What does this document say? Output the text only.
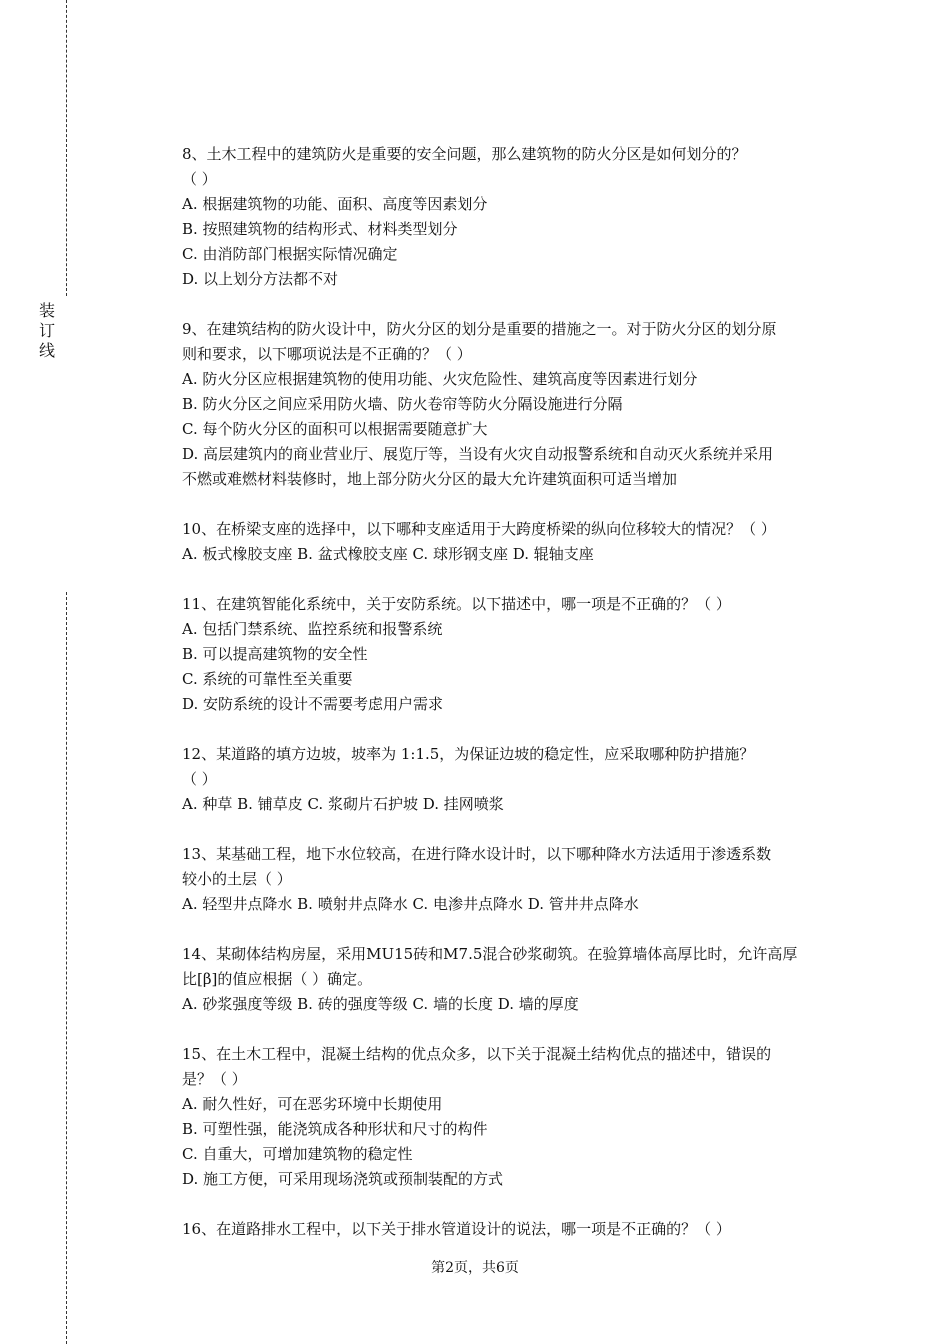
装
订
线
8、土木工程中的建筑防火是重要的安全问题，那么建筑物的防火分区是如何划分的？
（ ）
A. 根据建筑物的功能、面积、高度等因素划分
B. 按照建筑物的结构形式、材料类型划分
C. 由消防部门根据实际情况确定
D. 以上划分方法都不对
9、在建筑结构的防火设计中，防火分区的划分是重要的措施之一。对于防火分区的划分原
则和要求，以下哪项说法是不正确的？（ ）
A. 防火分区应根据建筑物的使用功能、火灾危险性、建筑高度等因素进行划分
B. 防火分区之间应采用防火墙、防火卷帘等防火分隔设施进行分隔
C. 每个防火分区的面积可以根据需要随意扩大
D. 高层建筑内的商业营业厅、展览厅等，当设有火灾自动报警系统和自动灭火系统并采用
不燃或难燃材料装修时，地上部分防火分区的最大允许建筑面积可适当增加
10、在桥梁支座的选择中，以下哪种支座适用于大跨度桥梁的纵向位移较大的情况？（ ）
A. 板式橡胶支座 B. 盆式橡胶支座 C. 球形钢支座 D. 辊轴支座
11、在建筑智能化系统中，关于安防系统。以下描述中，哪一项是不正确的？（ ）
A. 包括门禁系统、监控系统和报警系统
B. 可以提高建筑物的安全性
C. 系统的可靠性至关重要
D. 安防系统的设计不需要考虑用户需求
12、某道路的填方边坡，坡率为 1:1.5，为保证边坡的稳定性，应采取哪种防护措施？
（ ）
A. 种草 B. 铺草皮 C. 浆砌片石护坡 D. 挂网喷浆
13、某基础工程，地下水位较高，在进行降水设计时，以下哪种降水方法适用于渗透系数
较小的土层（ ）
A. 轻型井点降水 B. 喷射井点降水 C. 电渗井点降水 D. 管井井点降水
14、某砌体结构房屋，采用MU15砖和M7.5混合砂浆砌筑。在验算墙体高厚比时，允许高厚
比[β]的值应根据（ ）确定。
A. 砂浆强度等级 B. 砖的强度等级 C. 墙的长度 D. 墙的厚度
15、在土木工程中，混凝土结构的优点众多，以下关于混凝土结构优点的描述中，错误的
是？（ ）
A. 耐久性好，可在恶劣环境中长期使用
B. 可塑性强，能浇筑成各种形状和尺寸的构件
C. 自重大，可增加建筑物的稳定性
D. 施工方便，可采用现场浇筑或预制装配的方式
16、在道路排水工程中，以下关于排水管道设计的说法，哪一项是不正确的？（ ）
第2页，共6页
